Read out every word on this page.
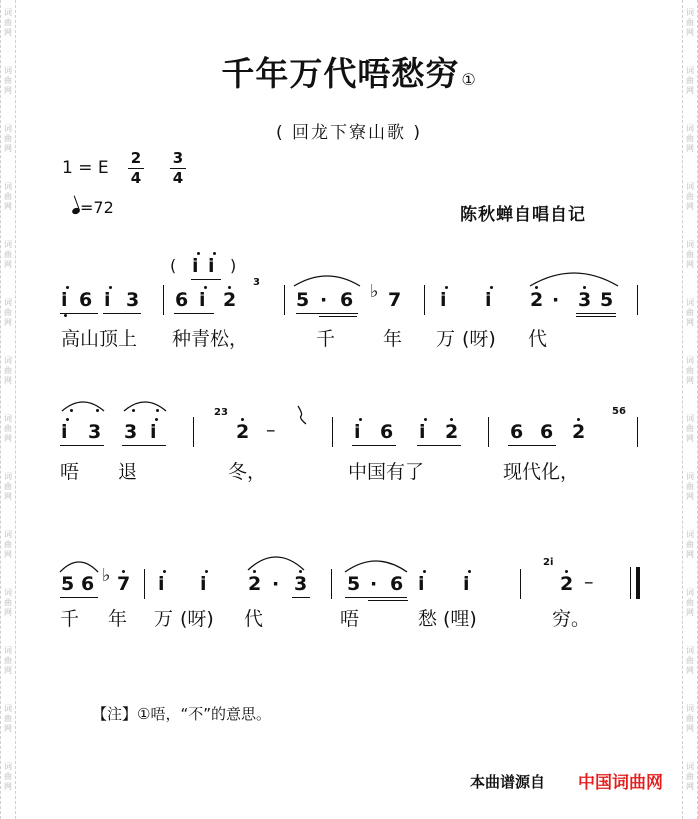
词
曲
网
词
曲
网
词
曲
网
词
曲
网
词
曲
网
词
曲
网
词
曲
网
词
曲
网
词
曲
网
词
曲
网
词
曲
网
词
曲
网
词
曲
网
词
曲
网
词
曲
网
词
曲
网
词
曲
网
词
曲
网
词
曲
网
词
曲
网
词
曲
网
词
曲
网
词
曲
网
词
曲
网
词
曲
网
词
曲
网
词
曲
网
词
曲
网
千年万代唔愁穷 ①
( 回龙下寮山歌 )
1 = E	2
4
3
4
=72	陈秋蝉自唱自记
i 6 i 3
( i i )
6 i 2
3
5 · 6 ♭ 7 i i 2 · 3 5
高山顶上 种青松，	千	年 万 (呀) 代
i 3 3 i
23
2 –	i 6 i 2	6 6 2
56
唔 退	冬，	中国有了	现代化，
5 6 ♭ 7 i i 2 · 3 5 · 6 i i
2i
2 –
千 年 万 (呀) 代	唔	愁 (哩)	穷。
【注】①唔，“不”的意思。
本曲谱源自 中国词曲网
